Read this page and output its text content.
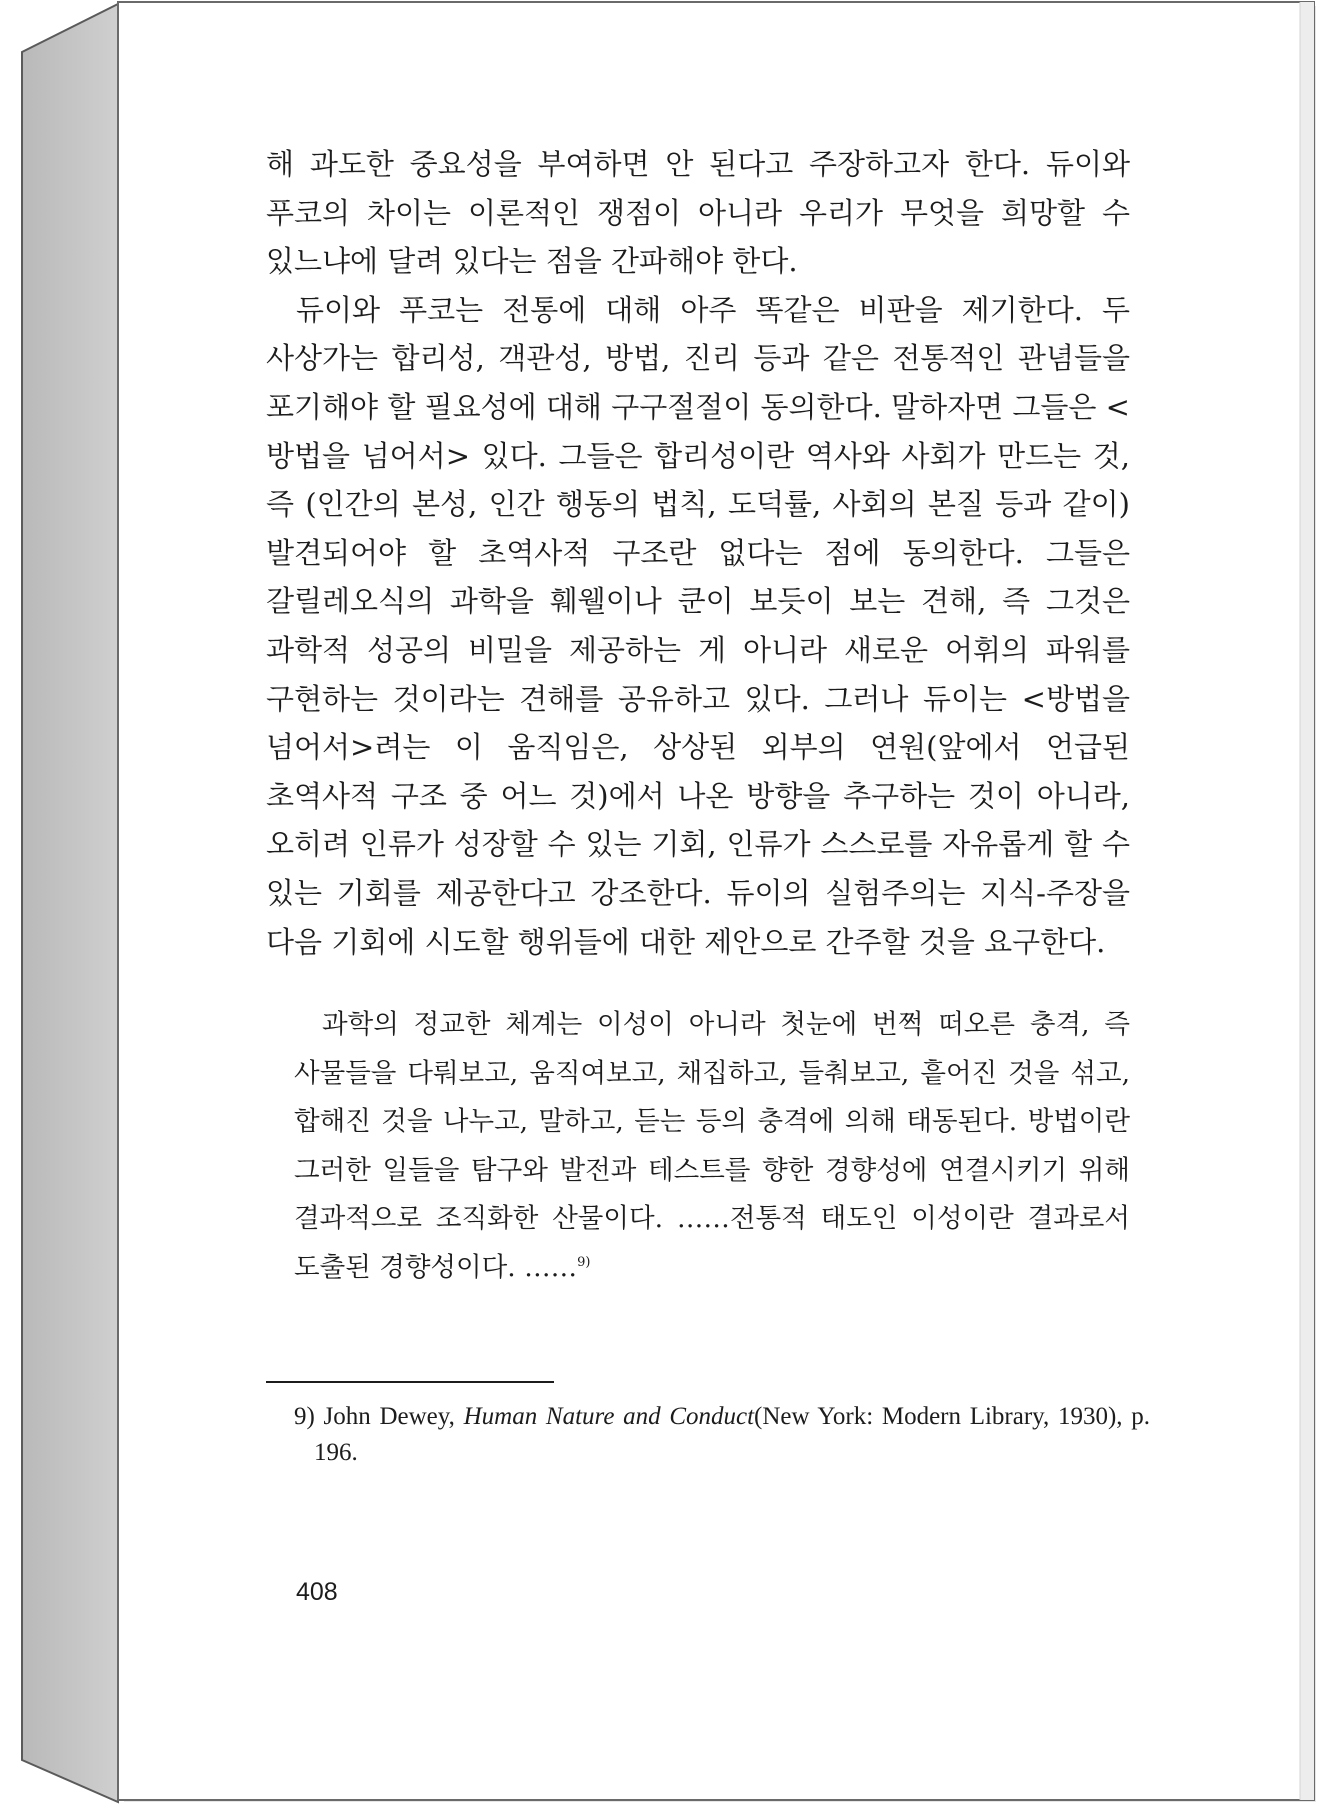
해 과도한 중요성을 부여하면 안 된다고 주장하고자 한다. 듀이와 푸코의 차이는 이론적인 쟁점이 아니라 우리가 무엇을 희망할 수 있느냐에 달려 있다는 점을 간파해야 한다.

듀이와 푸코는 전통에 대해 아주 똑같은 비판을 제기한다. 두 사상가는 합리성, 객관성, 방법, 진리 등과 같은 전통적인 관념들을 포기해야 할 필요성에 대해 구구절절이 동의한다. 말하자면 그들은 <방법을 넘어서> 있다. 그들은 합리성이란 역사와 사회가 만드는 것, 즉 (인간의 본성, 인간 행동의 법칙, 도덕률, 사회의 본질 등과 같이) 발견되어야 할 초역사적 구조란 없다는 점에 동의한다. 그들은 갈릴레오식의 과학을 훼웰이나 쿤이 보듯이 보는 견해, 즉 그것은 과학적 성공의 비밀을 제공하는 게 아니라 새로운 어휘의 파워를 구현하는 것이라는 견해를 공유하고 있다. 그러나 듀이는 <방법을 넘어서>려는 이 움직임은, 상상된 외부의 연원(앞에서 언급된 초역사적 구조 중 어느 것)에서 나온 방향을 추구하는 것이 아니라, 오히려 인류가 성장할 수 있는 기회, 인류가 스스로를 자유롭게 할 수 있는 기회를 제공한다고 강조한다. 듀이의 실험주의는 지식-주장을 다음 기회에 시도할 행위들에 대한 제안으로 간주할 것을 요구한다.

과학의 정교한 체계는 이성이 아니라 첫눈에 번쩍 떠오른 충격, 즉 사물들을 다뤄보고, 움직여보고, 채집하고, 들춰보고, 흩어진 것을 섞고, 합해진 것을 나누고, 말하고, 듣는 등의 충격에 의해 태동된다. 방법이란 그러한 일들을 탐구와 발전과 테스트를 향한 경향성에 연결시키기 위해 결과적으로 조직화한 산물이다. ……전통적 태도인 이성이란 결과로서 도출된 경향성이다. ……$^{9)}$
9) John Dewey, Human Nature and Conduct(New York: Modern Library, 1930), p. 196.
408
